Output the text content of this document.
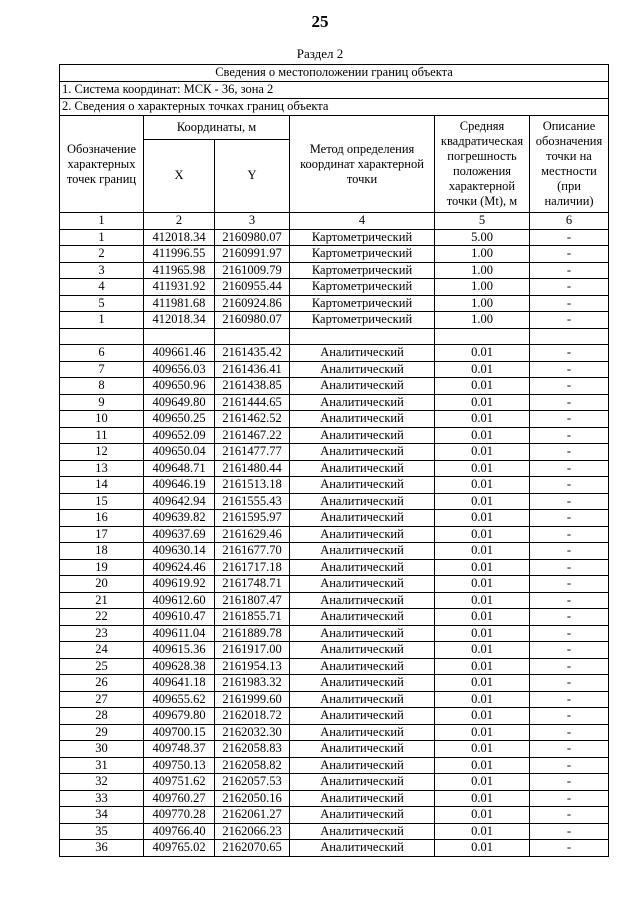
25
Раздел 2
Сведения о местоположении границ объекта					
1. Система координат: МСК - 36, зона 2					
2. Сведения о характерных точках границ объекта					
Обозначение характерных точек границ	Координаты, м		Метод определения координат характерной точки	Средняя квадратическая погрешность положения характерной точки (Mt), м	Описание обозначения точки на местности (при наличии)
	X	Y			
1	2	3	4	5	6
1	412018.34	2160980.07	Картометрический	5.00	-
2	411996.55	2160991.97	Картометрический	1.00	-
3	411965.98	2161009.79	Картометрический	1.00	-
4	411931.92	2160955.44	Картометрический	1.00	-
5	411981.68	2160924.86	Картометрический	1.00	-
1	412018.34	2160980.07	Картометрический	1.00	-

6	409661.46	2161435.42	Аналитический	0.01	-
7	409656.03	2161436.41	Аналитический	0.01	-
8	409650.96	2161438.85	Аналитический	0.01	-
9	409649.80	2161444.65	Аналитический	0.01	-
10	409650.25	2161462.52	Аналитический	0.01	-
11	409652.09	2161467.22	Аналитический	0.01	-
12	409650.04	2161477.77	Аналитический	0.01	-
13	409648.71	2161480.44	Аналитический	0.01	-
14	409646.19	2161513.18	Аналитический	0.01	-
15	409642.94	2161555.43	Аналитический	0.01	-
16	409639.82	2161595.97	Аналитический	0.01	-
17	409637.69	2161629.46	Аналитический	0.01	-
18	409630.14	2161677.70	Аналитический	0.01	-
19	409624.46	2161717.18	Аналитический	0.01	-
20	409619.92	2161748.71	Аналитический	0.01	-
21	409612.60	2161807.47	Аналитический	0.01	-
22	409610.47	2161855.71	Аналитический	0.01	-
23	409611.04	2161889.78	Аналитический	0.01	-
24	409615.36	2161917.00	Аналитический	0.01	-
25	409628.38	2161954.13	Аналитический	0.01	-
26	409641.18	2161983.32	Аналитический	0.01	-
27	409655.62	2161999.60	Аналитический	0.01	-
28	409679.80	2162018.72	Аналитический	0.01	-
29	409700.15	2162032.30	Аналитический	0.01	-
30	409748.37	2162058.83	Аналитический	0.01	-
31	409750.13	2162058.82	Аналитический	0.01	-
32	409751.62	2162057.53	Аналитический	0.01	-
33	409760.27	2162050.16	Аналитический	0.01	-
34	409770.28	2162061.27	Аналитический	0.01	-
35	409766.40	2162066.23	Аналитический	0.01	-
36	409765.02	2162070.65	Аналитический	0.01	-
